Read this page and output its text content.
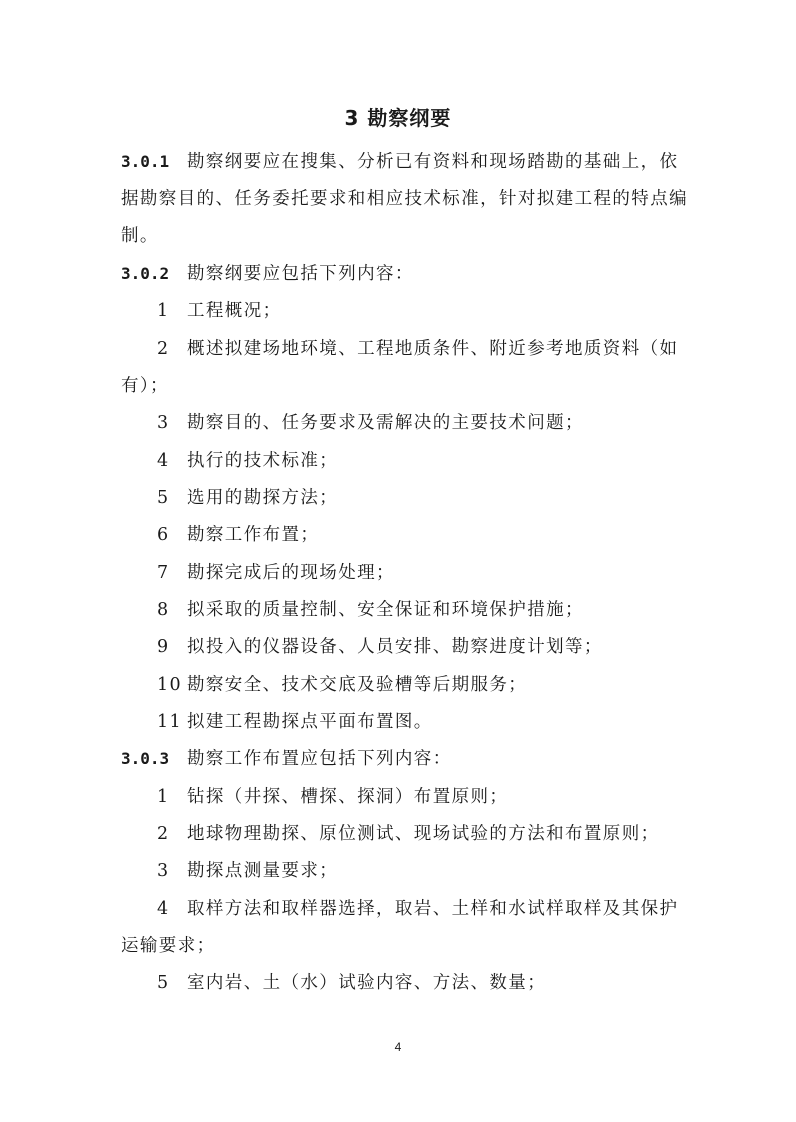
3 勘察纲要
3.0.1 勘察纲要应在搜集、分析已有资料和现场踏勘的基础上，依
据勘察目的、任务委托要求和相应技术标准，针对拟建工程的特点编
制。
3.0.2 勘察纲要应包括下列内容：
1 工程概况；
2 概述拟建场地环境、工程地质条件、附近参考地质资料（如
有）；
3 勘察目的、任务要求及需解决的主要技术问题；
4 执行的技术标准；
5 选用的勘探方法；
6 勘察工作布置；
7 勘探完成后的现场处理；
8 拟采取的质量控制、安全保证和环境保护措施；
9 拟投入的仪器设备、人员安排、勘察进度计划等；
10 勘察安全、技术交底及验槽等后期服务；
11 拟建工程勘探点平面布置图。
3.0.3 勘察工作布置应包括下列内容：
1 钻探（井探、槽探、探洞）布置原则；
2 地球物理勘探、原位测试、现场试验的方法和布置原则；
3 勘探点测量要求；
4 取样方法和取样器选择，取岩、土样和水试样取样及其保护
运输要求；
5 室内岩、土（水）试验内容、方法、数量；
4
